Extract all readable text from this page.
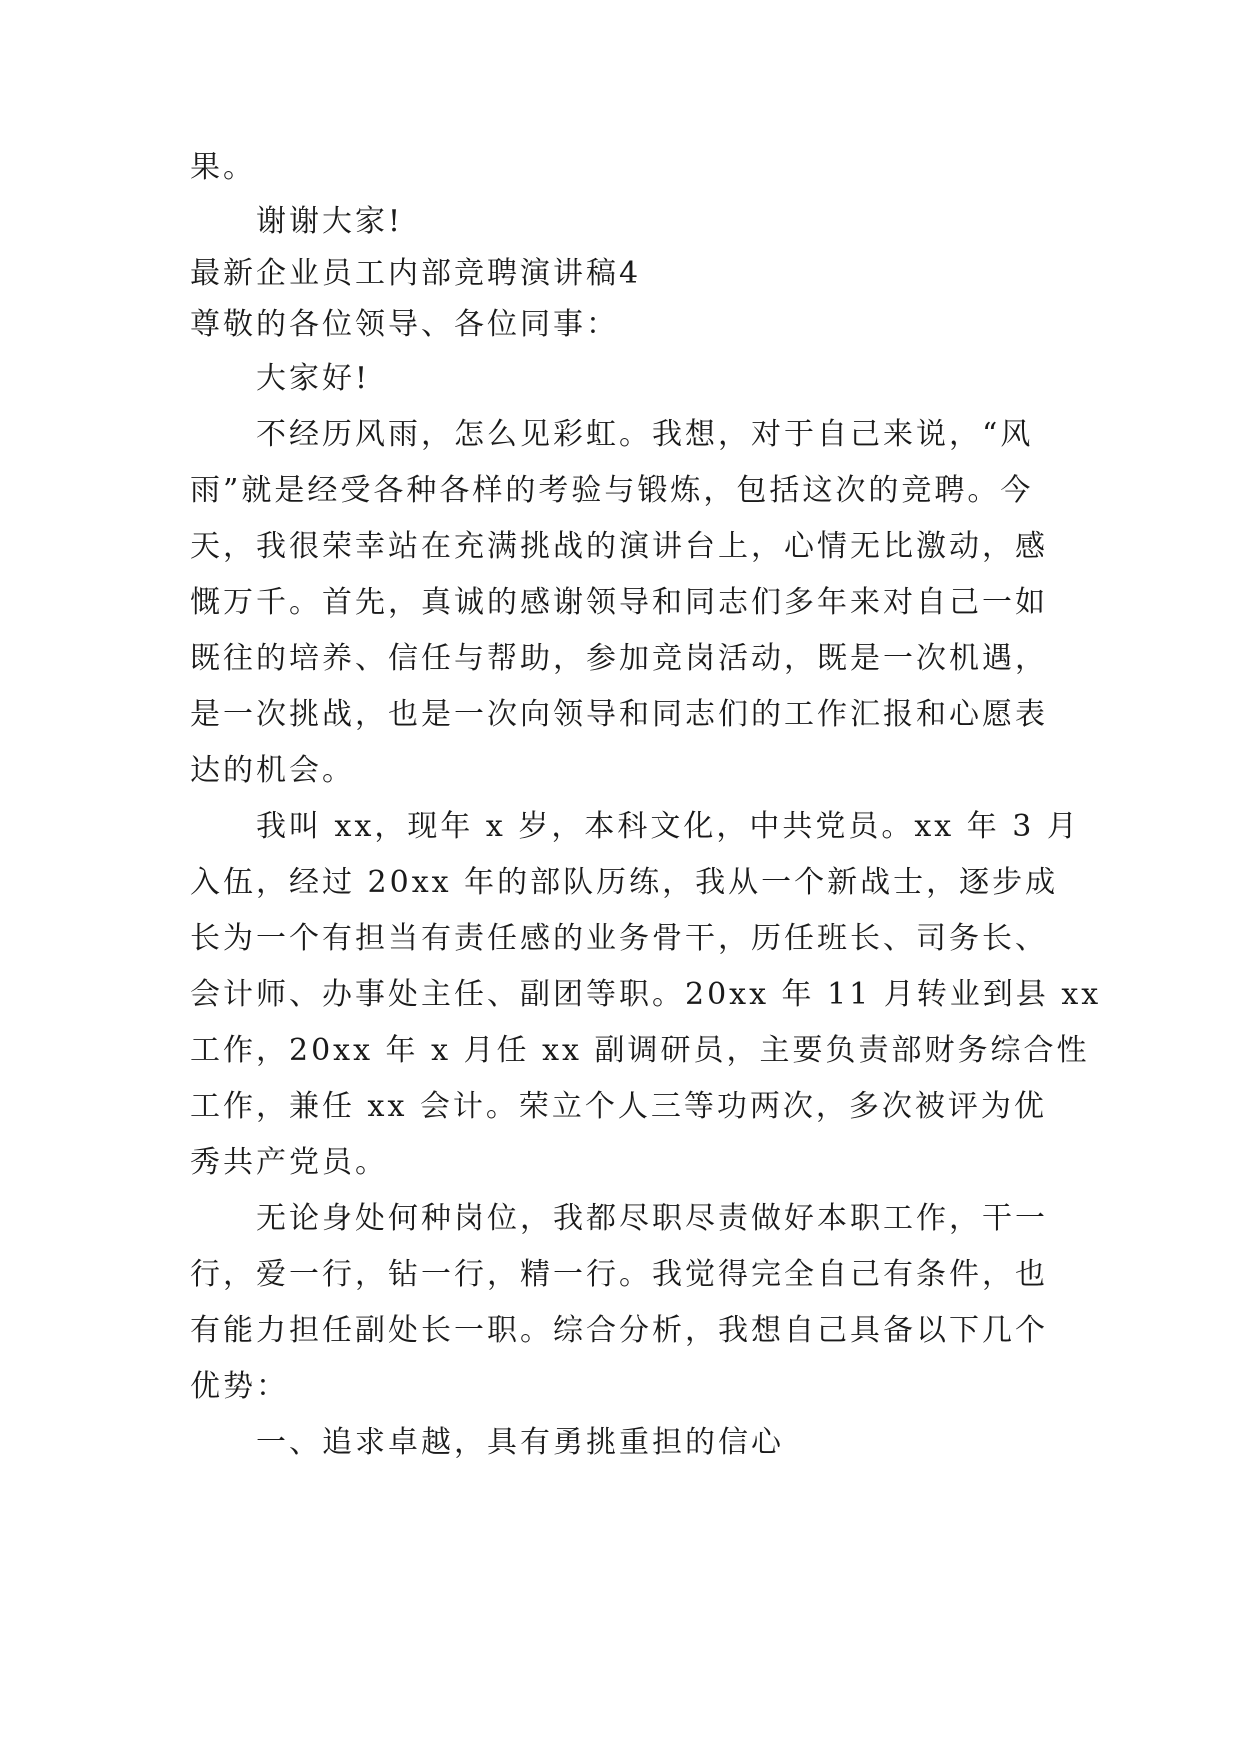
果。
谢谢大家!
最新企业员工内部竞聘演讲稿4
尊敬的各位领导、各位同事：
大家好!
不经历风雨，怎么见彩虹。我想，对于自己来说，“风
雨”就是经受各种各样的考验与锻炼，包括这次的竞聘。今
天，我很荣幸站在充满挑战的演讲台上，心情无比激动，感
慨万千。首先，真诚的感谢领导和同志们多年来对自己一如
既往的培养、信任与帮助，参加竞岗活动，既是一次机遇，
是一次挑战，也是一次向领导和同志们的工作汇报和心愿表
达的机会。
我叫 xx，现年 x 岁，本科文化，中共党员。xx 年 3 月
入伍，经过 20xx 年的部队历练，我从一个新战士，逐步成
长为一个有担当有责任感的业务骨干，历任班长、司务长、
会计师、办事处主任、副团等职。20xx 年 11 月转业到县 xx
工作，20xx 年 x 月任 xx 副调研员，主要负责部财务综合性
工作，兼任 xx 会计。荣立个人三等功两次，多次被评为优
秀共产党员。
无论身处何种岗位，我都尽职尽责做好本职工作，干一
行，爱一行，钻一行，精一行。我觉得完全自己有条件，也
有能力担任副处长一职。综合分析，我想自己具备以下几个
优势：
一、追求卓越，具有勇挑重担的信心
